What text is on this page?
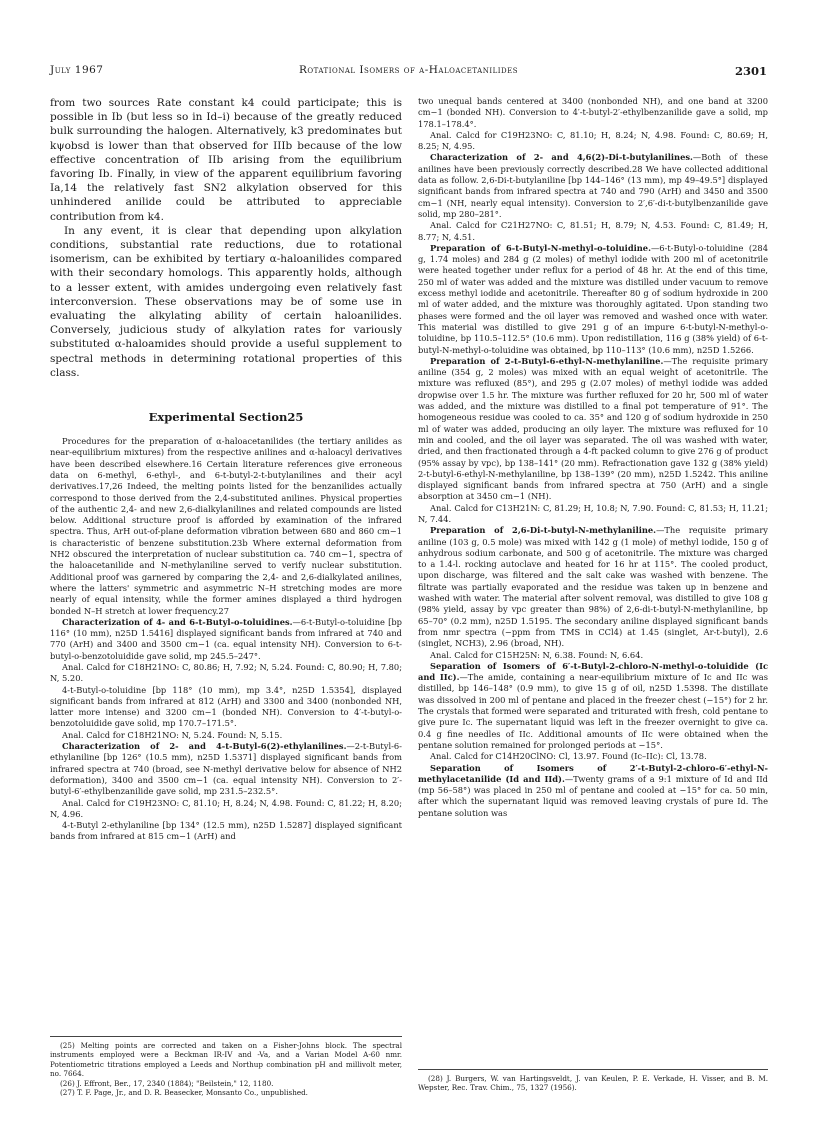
July 1967	Rotational Isomers of α-Haloacetanilides	2301

from two sources Rate constant k4 could participate; this is possible in Ib (but less so in Id–i) because of the greatly reduced bulk surrounding the halogen. Alternatively, k3 predominates but kψobsd is lower than that observed for IIIb because of the low effective concentration of IIb arising from the equilibrium favoring Ib. Finally, in view of the apparent equilibrium favoring Ia,14 the relatively fast SN2 alkylation observed for this unhindered anilide could be attributed to appreciable contribution from k4.

In any event, it is clear that depending upon alkylation conditions, substantial rate reductions, due to rotational isomerism, can be exhibited by tertiary α-haloanilides compared with their secondary homologs. This apparently holds, although to a lesser extent, with amides undergoing even relatively fast interconversion. These observations may be of some use in evaluating the alkylating ability of certain haloanilides. Conversely, judicious study of alkylation rates for variously substituted α-haloamides should provide a useful supplement to spectral methods in determining rotational properties of this class.

Experimental Section25

Procedures for the preparation of α-haloacetanilides (the tertiary anilides as near-equilibrium mixtures) from the respective anilines and α-haloacyl derivatives have been described elsewhere.16 Certain literature references give erroneous data on 6-methyl, 6-ethyl-, and 6-t-butyl-2-t-butylanilines and their acyl derivatives.17,26 Indeed, the melting points listed for the benzanilides actually correspond to those derived from the 2,4-substituted anilines. Physical properties of the authentic 2,4- and new 2,6-dialkylanilines and related compounds are listed below. Additional structure proof is afforded by examination of the infrared spectra. Thus, ArH out-of-plane deformation vibration between 680 and 860 cm−1 is characteristic of benzene substitution.23b Where external deformation from NH2 obscured the interpretation of nuclear substitution ca. 740 cm−1, spectra of the haloacetanilide and N-methylaniline served to verify nuclear substitution. Additional proof was garnered by comparing the 2,4- and 2,6-dialkylated anilines, where the latters' symmetric and asymmetric N–H stretching modes are more nearly of equal intensity, while the former amines displayed a third hydrogen bonded N–H stretch at lower frequency.27

Characterization of 4- and 6-t-Butyl-o-toluidines.—6-t-Butyl-o-toluidine [bp 116° (10 mm), n25D 1.5416] displayed significant bands from infrared at 740 and 770 (ArH) and 3400 and 3500 cm−1 (ca. equal intensity NH). Conversion to 6-t-butyl-o-benzotoluidide gave solid, mp 245.5–247°.

Anal. Calcd for C18H21NO: C, 80.86; H, 7.92; N, 5.24. Found: C, 80.90; H, 7.80; N, 5.20.

4-t-Butyl-o-toluidine [bp 118° (10 mm), mp 3.4°, n25D 1.5354], displayed significant bands from infrared at 812 (ArH) and 3300 and 3400 (nonbonded NH, latter more intense) and 3200 cm−1 (bonded NH). Conversion to 4′-t-butyl-o-benzotoluidide gave solid, mp 170.7–171.5°.

Anal. Calcd for C18H21NO: N, 5.24. Found: N, 5.15.

Characterization of 2- and 4-t-Butyl-6(2)-ethylanilines.—2-t-Butyl-6-ethylaniline [bp 126° (10.5 mm), n25D 1.5371] displayed significant bands from infrared spectra at 740 (broad, see N-methyl derivative below for absence of NH2 deformation), 3400 and 3500 cm−1 (ca. equal intensity NH). Conversion to 2′-butyl-6′-ethylbenzanilide gave solid, mp 231.5–232.5°.

Anal. Calcd for C19H23NO: C, 81.10; H, 8.24; N, 4.98. Found: C, 81.22; H, 8.20; N, 4.96.

4-t-Butyl 2-ethylaniline [bp 134° (12.5 mm), n25D 1.5287] displayed significant bands from infrared at 815 cm−1 (ArH) and

two unequal bands centered at 3400 (nonbonded NH), and one band at 3200 cm−1 (bonded NH). Conversion to 4′-t-butyl-2′-ethylbenzanilide gave a solid, mp 178.1–178.4°.

Anal. Calcd for C19H23NO: C, 81.10; H, 8.24; N, 4.98. Found: C, 80.69; H, 8.25; N, 4.95.

Characterization of 2- and 4,6(2)-Di-t-butylanilines.—Both of these anilines have been previously correctly described.28 We have collected additional data as follow. 2,6-Di-t-butylaniline [bp 144–146° (13 mm), mp 49–49.5°] displayed significant bands from infrared spectra at 740 and 790 (ArH) and 3450 and 3500 cm−1 (NH, nearly equal intensity). Conversion to 2′,6′-di-t-butylbenzanilide gave solid, mp 280–281°.

Anal. Calcd for C21H27NO: C, 81.51; H, 8.79; N, 4.53. Found: C, 81.49; H, 8.77; N, 4.51.

Preparation of 6-t-Butyl-N-methyl-o-toluidine.—6-t-Butyl-o-toluidine (284 g, 1.74 moles) and 284 g (2 moles) of methyl iodide with 200 ml of acetonitrile were heated together under reflux for a period of 48 hr. At the end of this time, 250 ml of water was added and the mixture was distilled under vacuum to remove excess methyl iodide and acetonitrile. Thereafter 80 g of sodium hydroxide in 200 ml of water added, and the mixture was thoroughly agitated. Upon standing two phases were formed and the oil layer was removed and washed once with water. This material was distilled to give 291 g of an impure 6-t-butyl-N-methyl-o-toluidine, bp 110.5–112.5° (10.6 mm). Upon redistillation, 116 g (38% yield) of 6-t-butyl-N-methyl-o-toluidine was obtained, bp 110–113° (10.6 mm), n25D 1.5266.

Preparation of 2-t-Butyl-6-ethyl-N-methylaniline.—The requisite primary aniline (354 g, 2 moles) was mixed with an equal weight of acetonitrile. The mixture was refluxed (85°), and 295 g (2.07 moles) of methyl iodide was added dropwise over 1.5 hr. The mixture was further refluxed for 20 hr, 500 ml of water was added, and the mixture was distilled to a final pot temperature of 91°. The homogeneous residue was cooled to ca. 35° and 120 g of sodium hydroxide in 250 ml of water was added, producing an oily layer. The mixture was refluxed for 10 min and cooled, and the oil layer was separated. The oil was washed with water, dried, and then fractionated through a 4-ft packed column to give 276 g of product (95% assay by vpc), bp 138–141° (20 mm). Refractionation gave 132 g (38% yield) 2-t-butyl-6-ethyl-N-methylaniline, bp 138–139° (20 mm), n25D 1.5242. This aniline displayed significant bands from infrared spectra at 750 (ArH) and a single absorption at 3450 cm−1 (NH).

Anal. Calcd for C13H21N: C, 81.29; H, 10.8; N, 7.90. Found: C, 81.53; H, 11.21; N, 7.44.

Preparation of 2,6-Di-t-butyl-N-methylaniline.—The requisite primary aniline (103 g, 0.5 mole) was mixed with 142 g (1 mole) of methyl iodide, 150 g of anhydrous sodium carbonate, and 500 g of acetonitrile. The mixture was charged to a 1.4-l. rocking autoclave and heated for 16 hr at 115°. The cooled product, upon discharge, was filtered and the salt cake was washed with benzene. The filtrate was partially evaporated and the residue was taken up in benzene and washed with water. The material after solvent removal, was distilled to give 108 g (98% yield, assay by vpc greater than 98%) of 2,6-di-t-butyl-N-methylaniline, bp 65–70° (0.2 mm), n25D 1.5195. The secondary aniline displayed significant bands from nmr spectra (−ppm from TMS in CCl4) at 1.45 (singlet, Ar-t-butyl), 2.6 (singlet, NCH3), 2.96 (broad, NH).

Anal. Calcd for C15H25N: N, 6.38. Found: N, 6.64.

Separation of Isomers of 6′-t-Butyl-2-chloro-N-methyl-o-toluidide (Ic and IIc).—The amide, containing a near-equilibrium mixture of Ic and IIc was distilled, bp 146–148° (0.9 mm), to give 15 g of oil, n25D 1.5398. The distillate was dissolved in 200 ml of pentane and placed in the freezer chest (−15°) for 2 hr. The crystals that formed were separated and triturated with fresh, cold pentane to give pure Ic. The supernatant liquid was left in the freezer overnight to give ca. 0.4 g fine needles of IIc. Additional amounts of IIc were obtained when the pentane solution remained for prolonged periods at −15°.

Anal. Calcd for C14H20ClNO: Cl, 13.97. Found (Ic–IIc): Cl, 13.78.

Separation of Isomers of 2′-t-Butyl-2-chloro-6′-ethyl-N-methylacetanilide (Id and IId).—Twenty grams of a 9:1 mixture of Id and IId (mp 56–58°) was placed in 250 ml of pentane and cooled at −15° for ca. 50 min, after which the supernatant liquid was removed leaving crystals of pure Id. The pentane solution was

(25) Melting points are corrected and taken on a Fisher-Johns block. The spectral instruments employed were a Beckman IR-IV and -Va, and a Varian Model A-60 nmr. Potentiometric titrations employed a Leeds and Northup combination pH and millivolt meter, no. 7664.

(26) J. Effront, Ber., 17, 2340 (1884); "Beilstein," 12, 1180.

(27) T. F. Page, Jr., and D. R. Beasecker, Monsanto Co., unpublished.

(28) J. Burgers, W. van Hartingsveldt, J. van Keulen, P. E. Verkade, H. Visser, and B. M. Wepster, Rec. Trav. Chim., 75, 1327 (1956).
